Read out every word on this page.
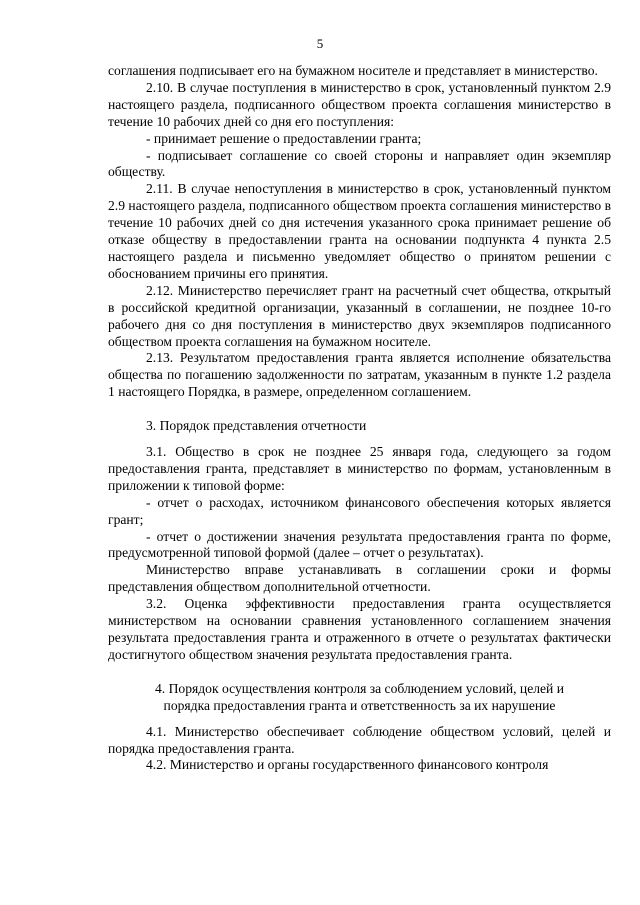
5

соглашения подписывает его на бумажном носителе и представляет в министерство.

2.10. В случае поступления в министерство в срок, установленный пунктом 2.9 настоящего раздела, подписанного обществом проекта соглашения министерство в течение 10 рабочих дней со дня его поступления:

- принимает решение о предоставлении гранта;

- подписывает соглашение со своей стороны и направляет один экземпляр обществу.

2.11. В случае непоступления в министерство в срок, установленный пунктом 2.9 настоящего раздела, подписанного обществом проекта соглашения министерство в течение 10 рабочих дней со дня истечения указанного срока принимает решение об отказе обществу в предоставлении гранта на основании подпункта 4 пункта 2.5 настоящего раздела и письменно уведомляет общество о принятом решении с обоснованием причины его принятия.

2.12. Министерство перечисляет грант на расчетный счет общества, открытый в российской кредитной организации, указанный в соглашении, не позднее 10-го рабочего дня со дня поступления в министерство двух экземпляров подписанного обществом проекта соглашения на бумажном носителе.

2.13. Результатом предоставления гранта является исполнение обязательства общества по погашению задолженности по затратам, указанным в пункте 1.2 раздела 1 настоящего Порядка, в размере, определенном соглашением.

3. Порядок представления отчетности

3.1. Общество в срок не позднее 25 января года, следующего за годом предоставления гранта, представляет в министерство по формам, установленным в приложении к типовой форме:

- отчет о расходах, источником финансового обеспечения которых является грант;

- отчет о достижении значения результата предоставления гранта по форме, предусмотренной типовой формой (далее – отчет о результатах).

Министерство вправе устанавливать в соглашении сроки и формы представления обществом дополнительной отчетности.

3.2. Оценка эффективности предоставления гранта осуществляется министерством на основании сравнения установленного соглашением значения результата предоставления гранта и отраженного в отчете о результатах фактически достигнутого обществом значения результата предоставления гранта.

4. Порядок осуществления контроля за соблюдением условий, целей и
порядка предоставления гранта и ответственность за их нарушение

4.1. Министерство обеспечивает соблюдение обществом условий, целей и порядка предоставления гранта.

4.2. Министерство и органы государственного финансового контроля
